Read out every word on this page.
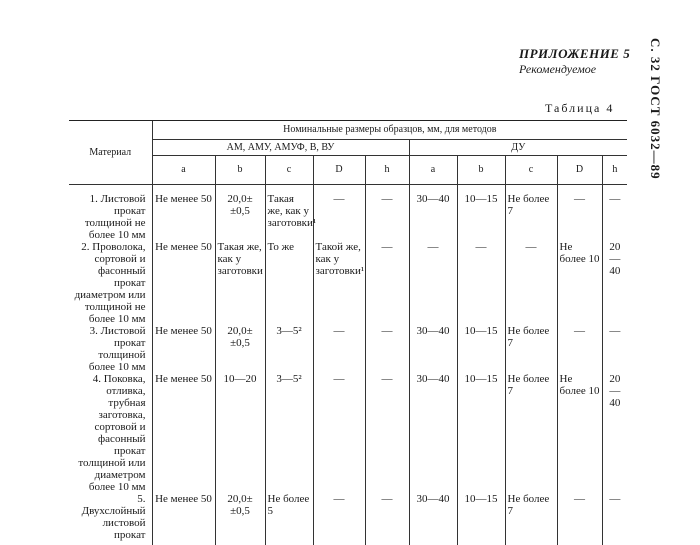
ПРИЛОЖЕНИЕ 5
Рекомендуемое	С. 32 ГОСТ 6032—89
Таблица 4
Материал	Номинальные размеры образцов, мм, для методов									
	АМ, АМУ, АМУФ, В, ВУ					ДУ				
	a	b	c	D	h	a	b	c	D	h
1. Листовой прокат толщиной не более 10 мм	Не менее 50	20,0± ±0,5	Такая же, как у заготовки¹	—	—	30—40	10—15	Не более 7	—	—
2. Проволока, сортовой и фасонный прокат диаметром или толщиной не более 10 мм	Не менее 50	Такая же, как у заготовки	То же	Такой же, как у заготовки¹	—	—	—	—	Не более 10	20—40
3. Листовой прокат толщиной более 10 мм	Не менее 50	20,0± ±0,5	3—5²	—	—	30—40	10—15	Не более 7	—	—
4. Поковка, отливка, трубная заготовка, сортовой и фасонный прокат толщиной или диаметром более 10 мм	Не менее 50	10—20	3—5²	—	—	30—40	10—15	Не более 7	Не более 10	20—40
5. Двухслойный листовой прокат	Не менее 50	20,0± ±0,5	Не более 5	—	—	30—40	10—15	Не более 7	—	—
